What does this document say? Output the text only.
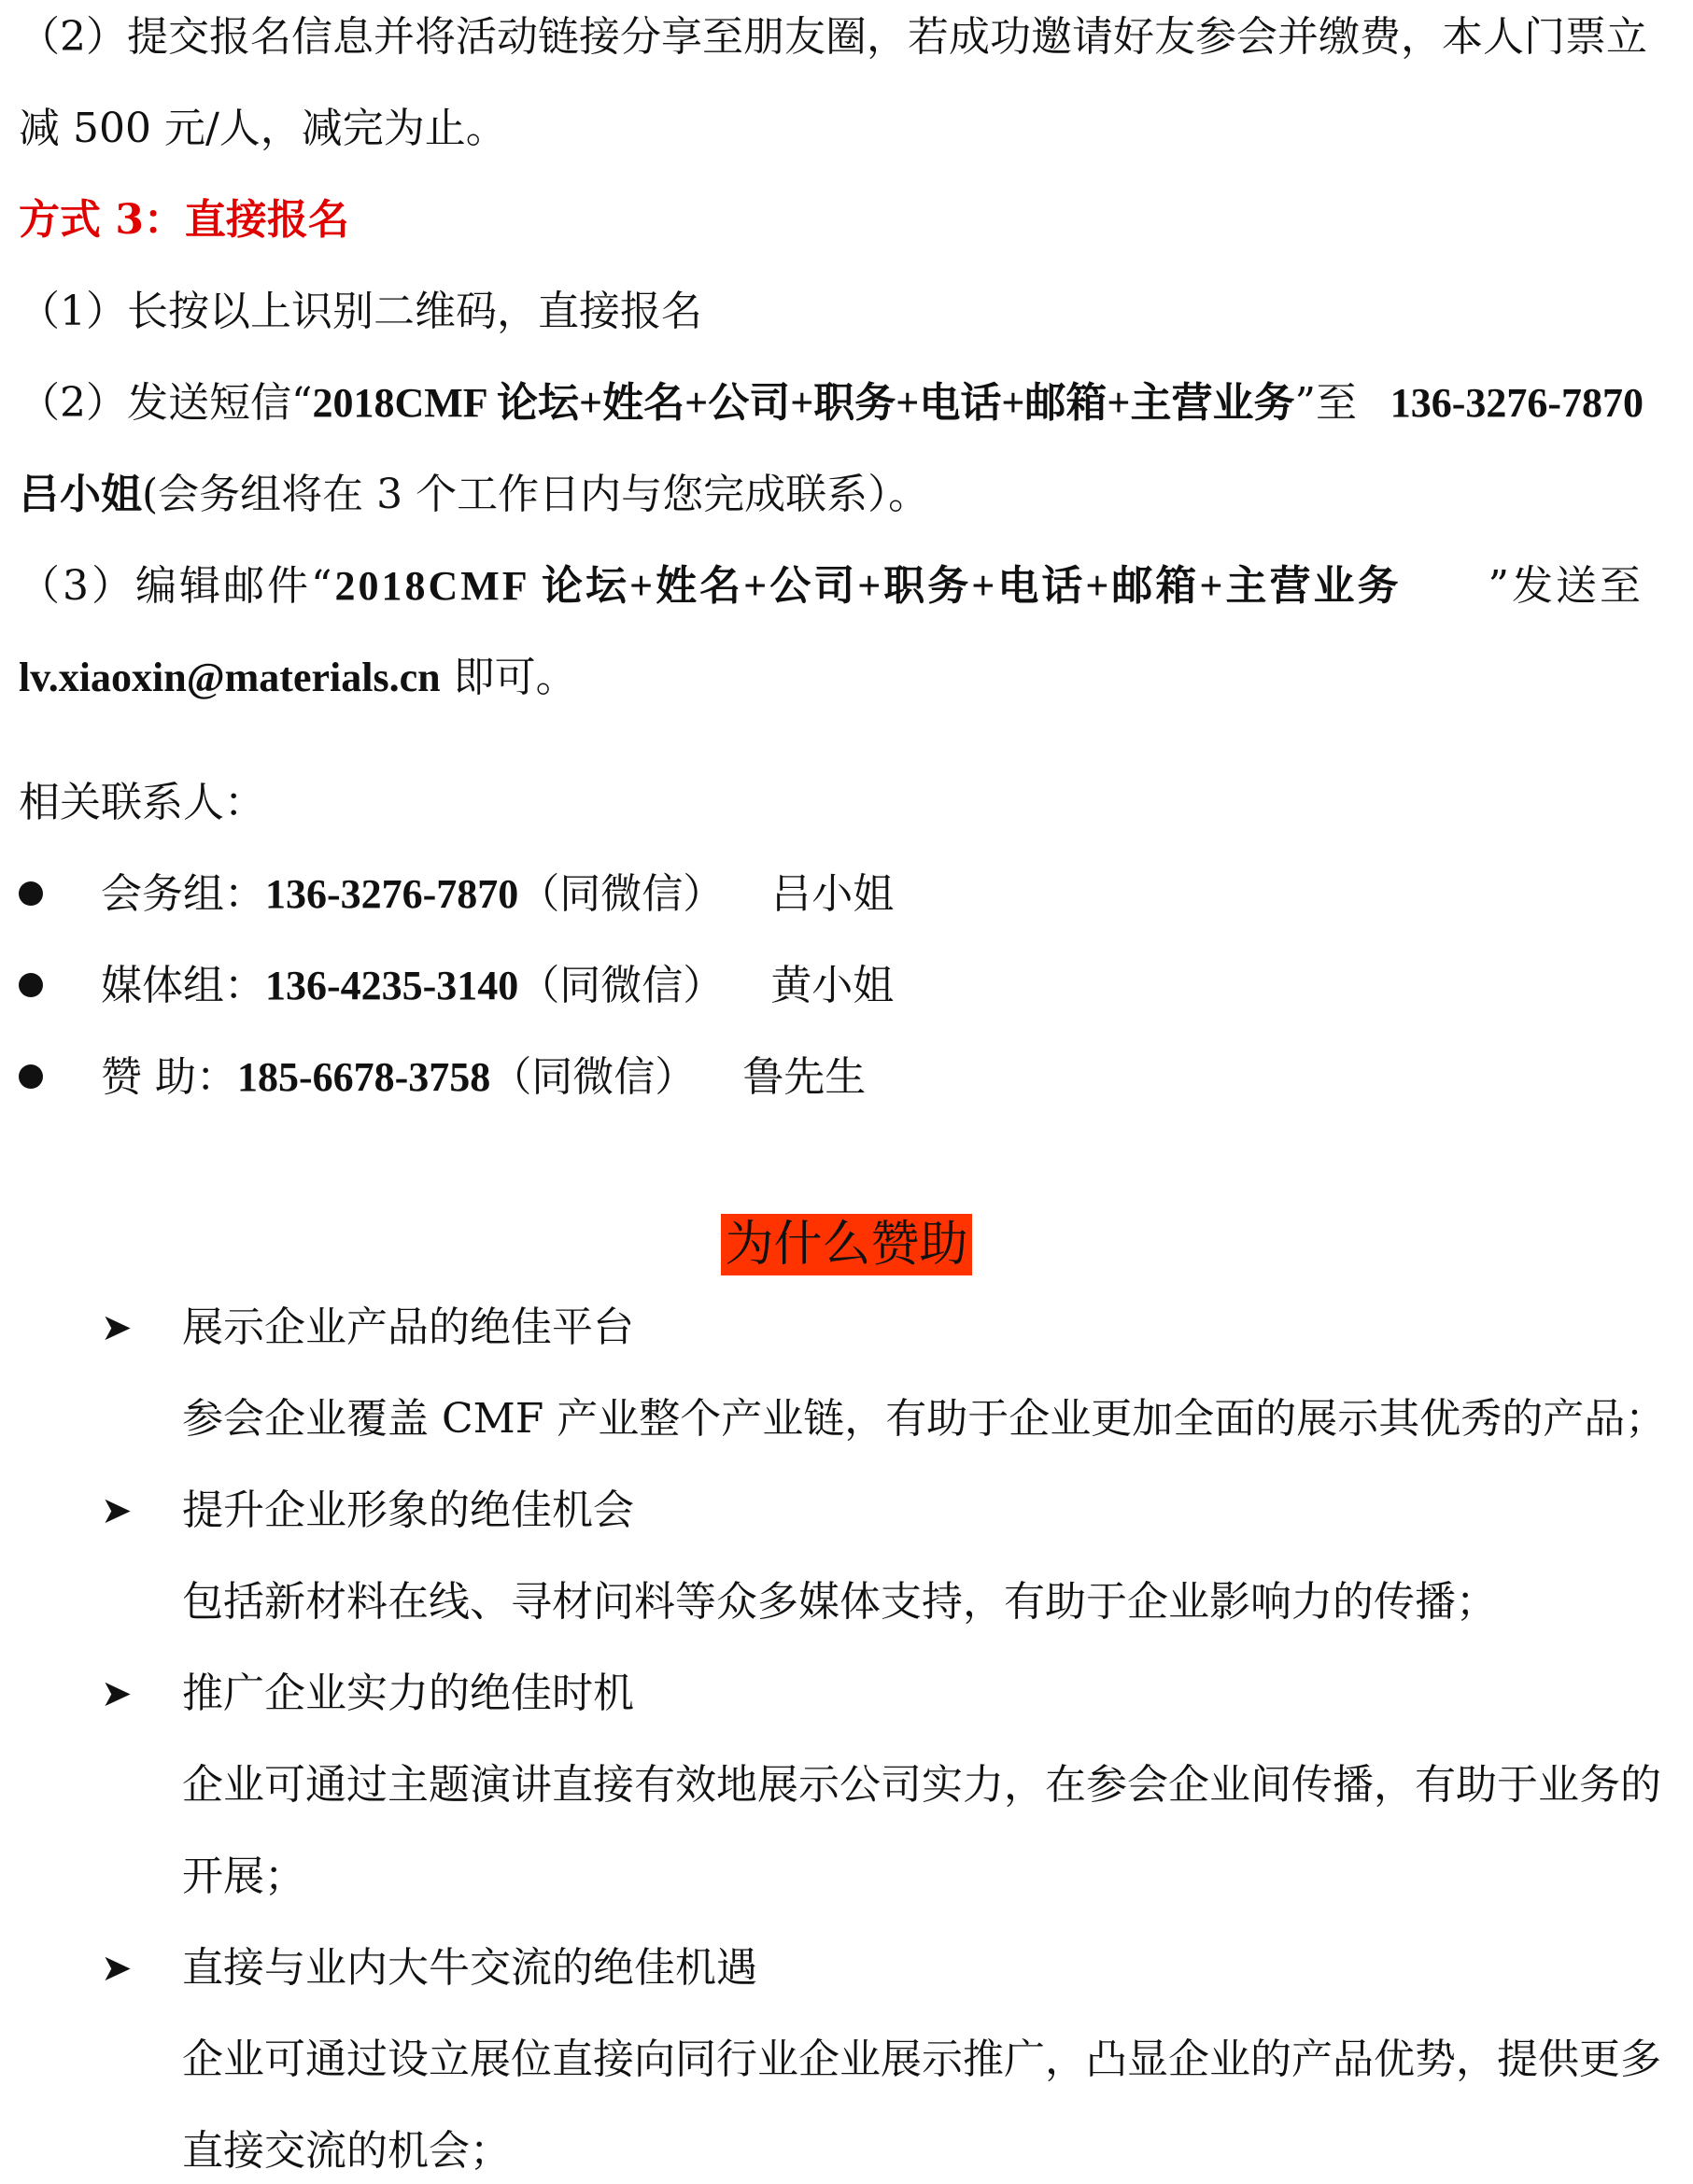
（2）提交报名信息并将活动链接分享至朋友圈，若成功邀请好友参会并缴费，本人门票立
减 500 元/人，减完为止。
方式 3：直接报名
（1）长按以上识别二维码，直接报名
（2）发送短信“2018CMF 论坛+姓名+公司+职务+电话+邮箱+主营业务”至 136-3276-7870
吕小姐(会务组将在 3 个工作日内与您完成联系）。
（3）编辑邮件“2018CMF 论坛+姓名+公司+职务+电话+邮箱+主营业务 ”发送至
lv.xiaoxin@materials.cn 即可。
相关联系人：
会务组：136-3276-7870（同微信） 吕小姐
媒体组：136-4235-3140（同微信） 黄小姐
赞 助：185-6678-3758（同微信） 鲁先生
为什么赞助
➤ 展示企业产品的绝佳平台
参会企业覆盖 CMF 产业整个产业链，有助于企业更加全面的展示其优秀的产品；
➤ 提升企业形象的绝佳机会
包括新材料在线、寻材问料等众多媒体支持，有助于企业影响力的传播；
➤ 推广企业实力的绝佳时机
企业可通过主题演讲直接有效地展示公司实力，在参会企业间传播，有助于业务的
开展；
➤ 直接与业内大牛交流的绝佳机遇
企业可通过设立展位直接向同行业企业展示推广，凸显企业的产品优势，提供更多
直接交流的机会；
